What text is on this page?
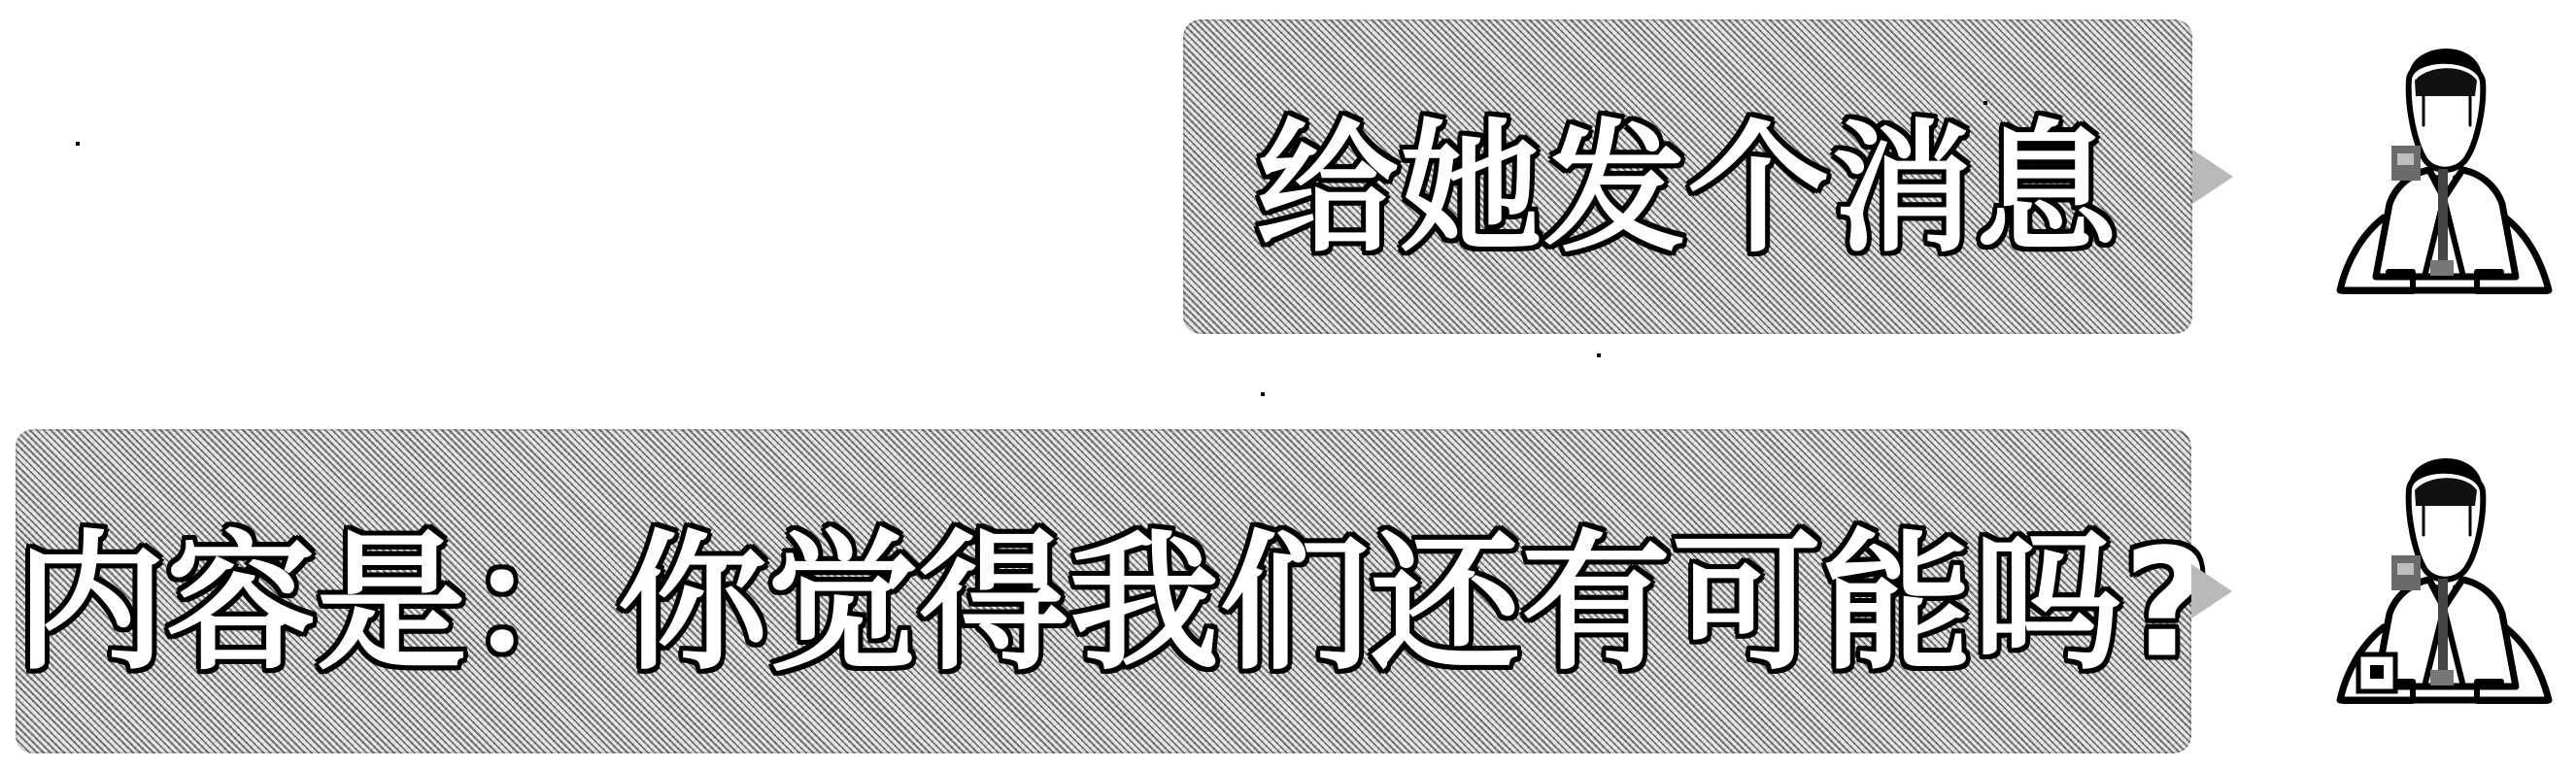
给她发个消息
内容是：你觉得我们还有可能吗?
